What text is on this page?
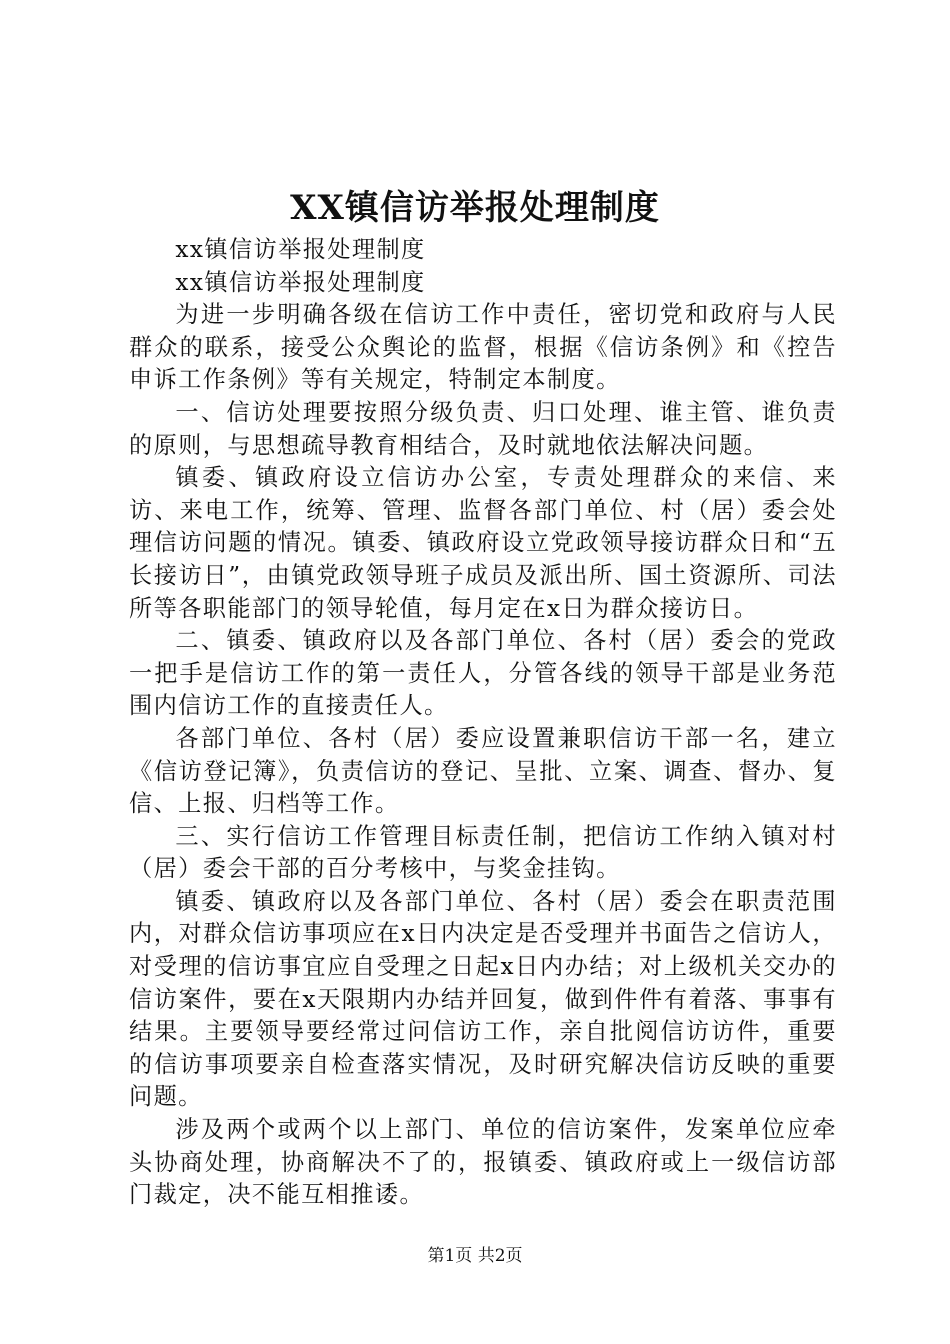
XX镇信访举报处理制度

xx镇信访举报处理制度

xx镇信访举报处理制度

为进一步明确各级在信访工作中责任，密切党和政府与人民群众的联系，接受公众舆论的监督，根据《信访条例》和《控告申诉工作条例》等有关规定，特制定本制度。

一、信访处理要按照分级负责、归口处理、谁主管、谁负责的原则，与思想疏导教育相结合，及时就地依法解决问题。

镇委、镇政府设立信访办公室，专责处理群众的来信、来访、来电工作，统筹、管理、监督各部门单位、村（居）委会处理信访问题的情况。镇委、镇政府设立党政领导接访群众日和“五长接访日”，由镇党政领导班子成员及派出所、国土资源所、司法所等各职能部门的领导轮值，每月定在x日为群众接访日。

二、镇委、镇政府以及各部门单位、各村（居）委会的党政一把手是信访工作的第一责任人，分管各线的领导干部是业务范围内信访工作的直接责任人。

各部门单位、各村（居）委应设置兼职信访干部一名，建立《信访登记簿》，负责信访的登记、呈批、立案、调查、督办、复信、上报、归档等工作。

三、实行信访工作管理目标责任制，把信访工作纳入镇对村（居）委会干部的百分考核中，与奖金挂钩。

镇委、镇政府以及各部门单位、各村（居）委会在职责范围内，对群众信访事项应在x日内决定是否受理并书面告之信访人，对受理的信访事宜应自受理之日起x日内办结；对上级机关交办的信访案件，要在x天限期内办结并回复，做到件件有着落、事事有结果。主要领导要经常过问信访工作，亲自批阅信访访件，重要的信访事项要亲自检查落实情况，及时研究解决信访反映的重要问题。

涉及两个或两个以上部门、单位的信访案件，发案单位应牵头协商处理，协商解决不了的，报镇委、镇政府或上一级信访部门裁定，决不能互相推诿。

第1页 共2页
